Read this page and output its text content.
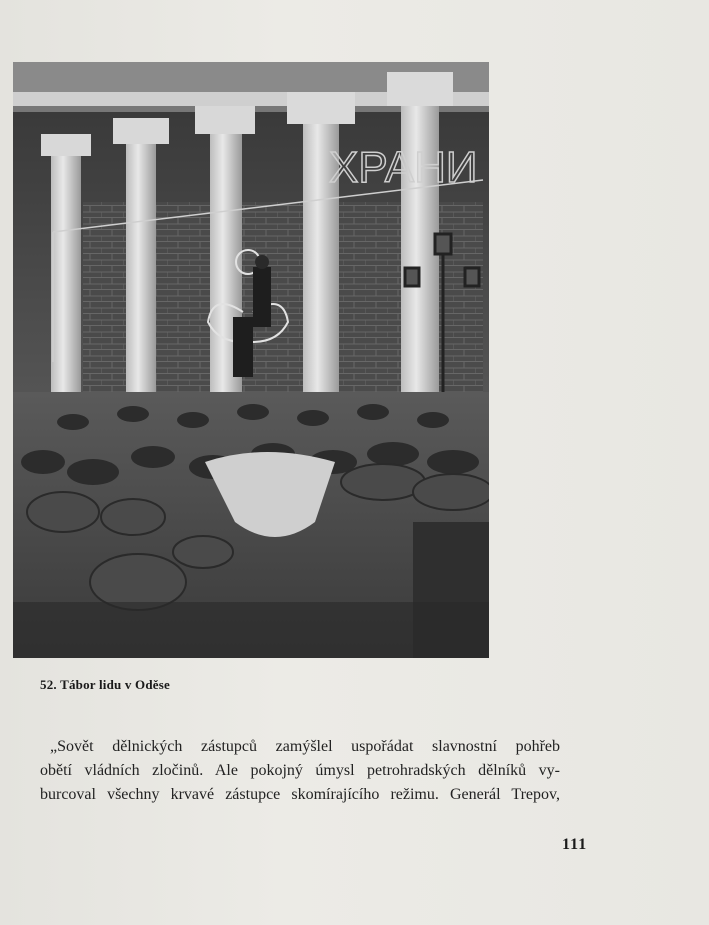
ХРАНИ
52. Tábor lidu v Oděse
„Sovět dělnických zástupců zamýšlel uspořádat slavnostní pohřeb
obětí vládních zločinů. Ale pokojný úmysl petrohradských dělníků vy-
burcoval všechny krvavé zástupce skomírajícího režimu. Generál Trepov,
111
